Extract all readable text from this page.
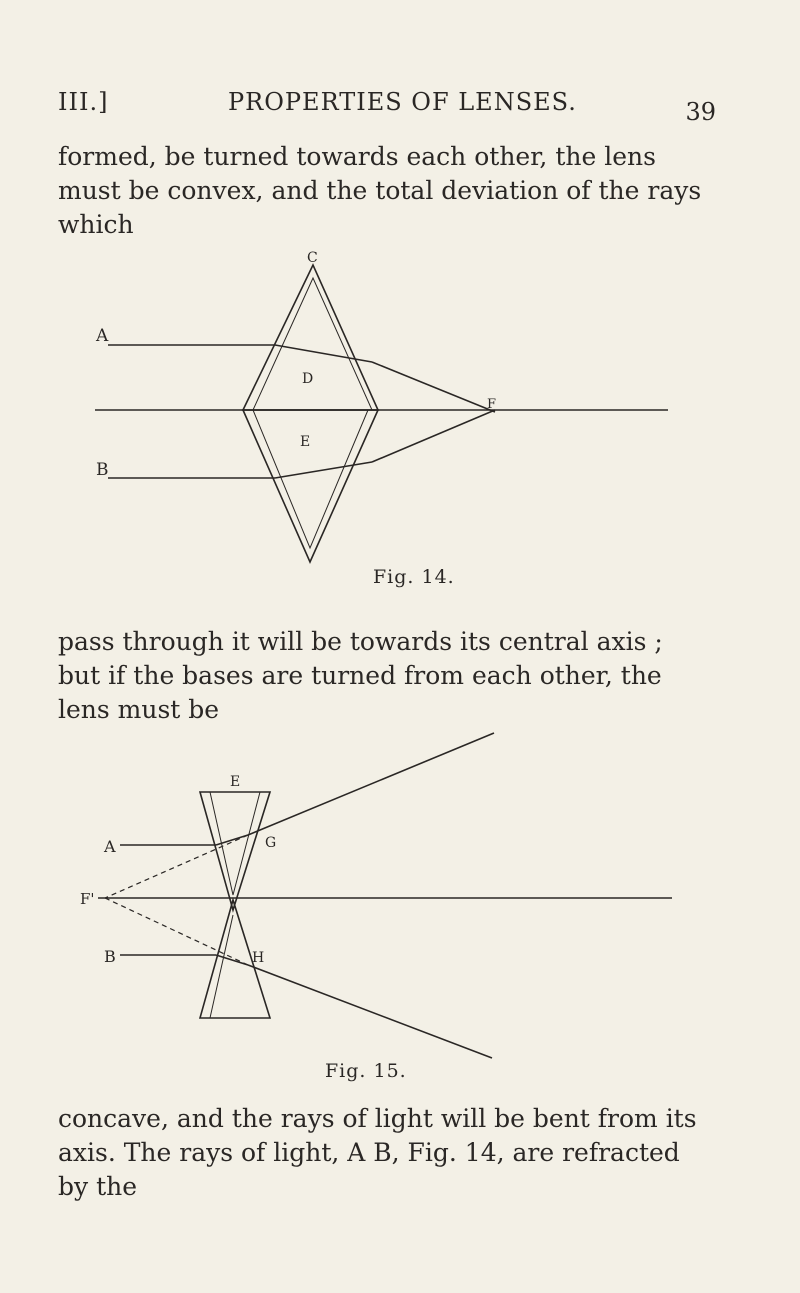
III.]	PROPERTIES OF LENSES.	39

formed, be turned towards each other, the lens must be convex, and the total deviation of the rays which

C
A
D
F
E
B
Fig. 14.

pass through it will be towards its central axis ; but if the bases are turned from each other, the lens must be

E
A	G
F'
B	H
Fig. 15.

concave, and the rays of light will be bent from its axis. The rays of light, A B, Fig. 14, are refracted by the
